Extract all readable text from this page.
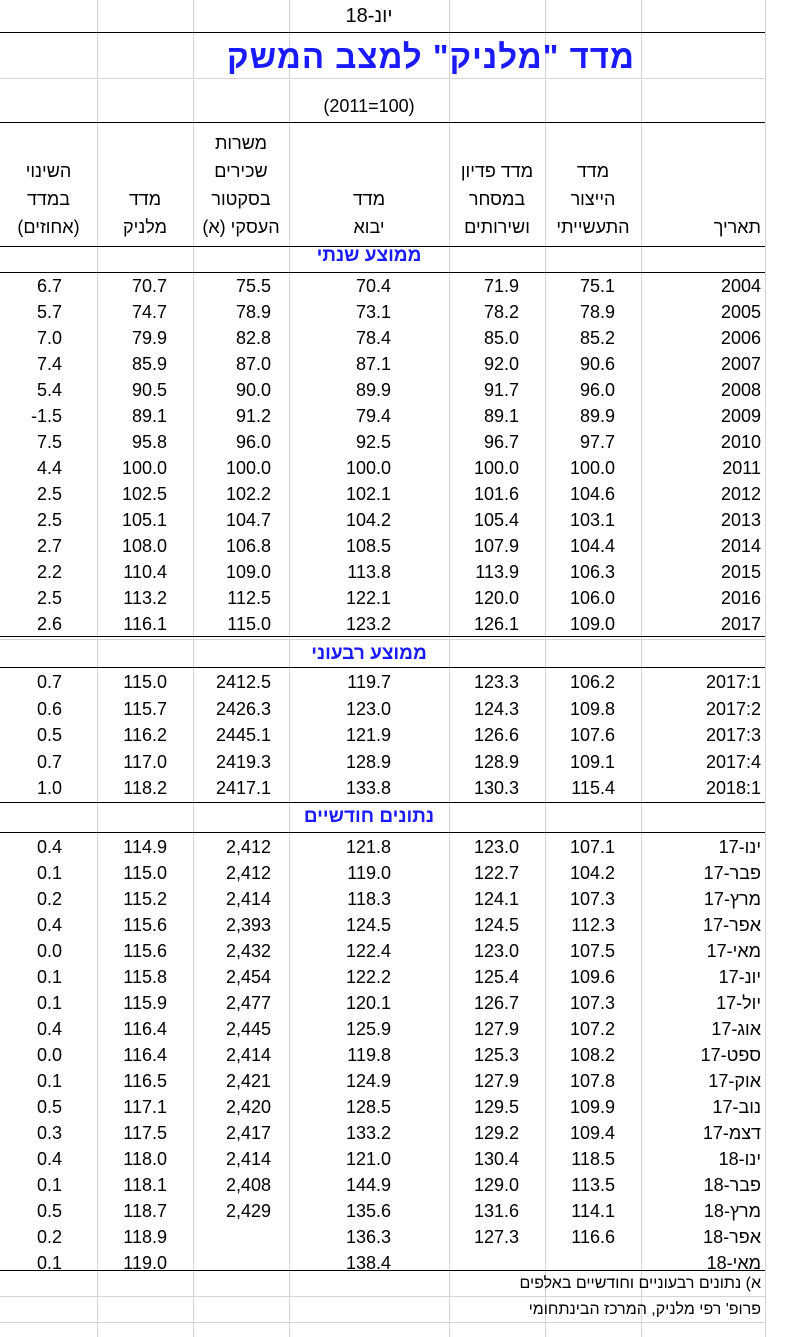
יונ-18
מדד "מלניק" למצב המשק
(2011=100)
תאריך
מדד
הייצור
התעשייתי
מדד פדיון
במסחר
ושירותים
מדד
יבוא
משרות
שכירים
בסקטור
העסקי (א)
מדד
מלניק
השינוי
במדד
(אחוזים)
ממוצע שנתי
ממוצע רבעוני
נתונים חודשיים
2004
75.1
71.9
70.4
75.5
70.7
6.7
2005
78.9
78.2
73.1
78.9
74.7
5.7
2006
85.2
85.0
78.4
82.8
79.9
7.0
2007
90.6
92.0
87.1
87.0
85.9
7.4
2008
96.0
91.7
89.9
90.0
90.5
5.4
2009
89.9
89.1
79.4
91.2
89.1
-1.5
2010
97.7
96.7
92.5
96.0
95.8
7.5
2011
100.0
100.0
100.0
100.0
100.0
4.4
2012
104.6
101.6
102.1
102.2
102.5
2.5
2013
103.1
105.4
104.2
104.7
105.1
2.5
2014
104.4
107.9
108.5
106.8
108.0
2.7
2015
106.3
113.9
113.8
109.0
110.4
2.2
2016
106.0
120.0
122.1
112.5
113.2
2.5
2017
109.0
126.1
123.2
115.0
116.1
2.6
2017:1
106.2
123.3
119.7
2412.5
115.0
0.7
2017:2
109.8
124.3
123.0
2426.3
115.7
0.6
2017:3
107.6
126.6
121.9
2445.1
116.2
0.5
2017:4
109.1
128.9
128.9
2419.3
117.0
0.7
2018:1
115.4
130.3
133.8
2417.1
118.2
1.0
ינו-17
107.1
123.0
121.8
2,412
114.9
0.4
פבר-17
104.2
122.7
119.0
2,412
115.0
0.1
מרץ-17
107.3
124.1
118.3
2,414
115.2
0.2
אפר-17
112.3
124.5
124.5
2,393
115.6
0.4
מאי-17
107.5
123.0
122.4
2,432
115.6
0.0
יונ-17
109.6
125.4
122.2
2,454
115.8
0.1
יול-17
107.3
126.7
120.1
2,477
115.9
0.1
אוג-17
107.2
127.9
125.9
2,445
116.4
0.4
ספט-17
108.2
125.3
119.8
2,414
116.4
0.0
אוק-17
107.8
127.9
124.9
2,421
116.5
0.1
נוב-17
109.9
129.5
128.5
2,420
117.1
0.5
דצמ-17
109.4
129.2
133.2
2,417
117.5
0.3
ינו-18
118.5
130.4
121.0
2,414
118.0
0.4
פבר-18
113.5
129.0
144.9
2,408
118.1
0.1
מרץ-18
114.1
131.6
135.6
2,429
118.7
0.5
אפר-18
116.6
127.3
136.3
118.9
0.2
מאי-18
138.4
119.0
0.1
א) נתונים רבעוניים וחודשיים באלפים
פרופ' רפי מלניק, המרכז הבינתחומי
